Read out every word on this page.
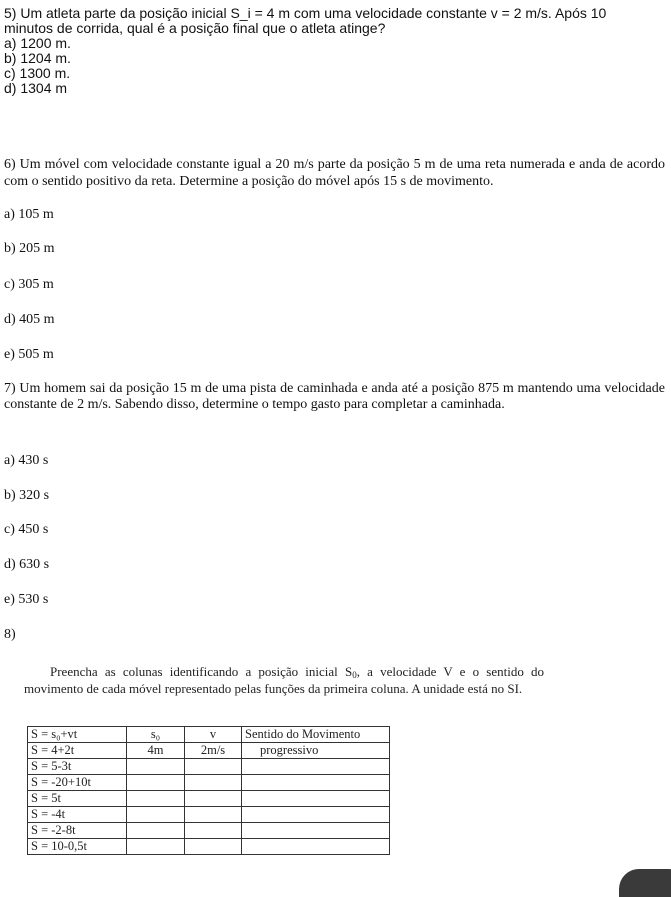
5) Um atleta parte da posição inicial S_i = 4 m com uma velocidade constante v = 2 m/s. Após 10

minutos de corrida, qual é a posição final que o atleta atinge?

a) 1200 m.

b) 1204 m.

c) 1300 m.

d) 1304 m

6) Um móvel com velocidade constante igual a 20 m/s parte da posição 5 m de uma reta numerada e anda de acordo com o sentido positivo da reta. Determine a posição do móvel após 15 s de movimento.

a) 105 m
b) 205 m
c) 305 m
d) 405 m
e) 505 m

7) Um homem sai da posição 15 m de uma pista de caminhada e anda até a posição 875 m mantendo uma velocidade constante de 2 m/s. Sabendo disso, determine o tempo gasto para completar a caminhada.

a) 430 s
b) 320 s
c) 450 s
d) 630 s
e) 530 s
8)
Preencha as colunas identificando a posição inicial $S_0$, a velocidade V e o sentido do movimento de cada móvel representado pelas funções da primeira coluna. A unidade está no SI.
S = s₀+vt	s₀	v	Sentido do Movimento
S = 4+2t	4m	2m/s	progressivo
S = 5-3t			
S = -20+10t			
S = 5t			
S = -4t			
S = -2-8t			
S = 10-0,5t			
